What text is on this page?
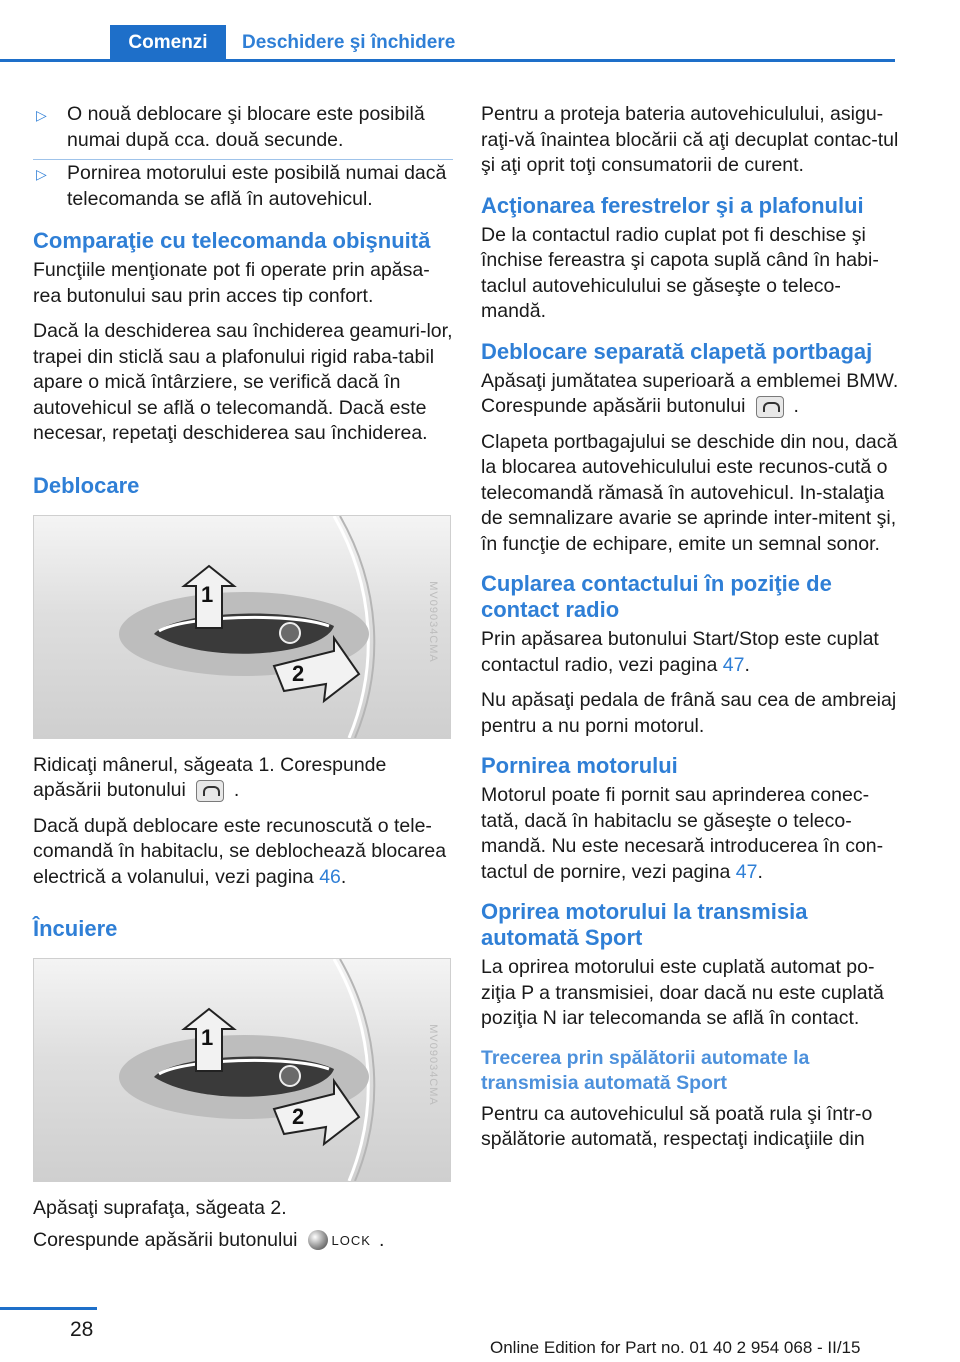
Comenzi	Deschidere şi închidere
▷ O nouă deblocare şi blocare este posibilă numai după cca. două secunde.
▷ Pornirea motorului este posibilă numai dacă telecomanda se află în autovehicul.
Comparaţie cu telecomanda obişnuită

Funcţiile menţionate pot fi operate prin apăsa‐rea butonului sau prin acces tip confort.

Dacă la deschiderea sau închiderea geamuri‐lor, trapei din sticlă sau a plafonului rigid raba‐tabil apare o mică întârziere, se verifică dacă în autovehicul se află o telecomandă. Dacă este necesar, repetaţi deschiderea sau închiderea.

Deblocare
1
2
MV09034CMA

Ridicaţi mânerul, săgeata 1. Corespunde apăsării butonului .

Dacă după deblocare este recunoscută o tele‐comandă în habitaclu, se deblochează blocarea electrică a volanului, vezi pagina 46.

Încuiere
1
2
MV09034CMA

Apăsaţi suprafaţa, săgeata 2.

Corespunde apăsării butonului	LOCK .

Pentru a proteja bateria autovehiculului, asigu‐raţi-vă înaintea blocării că aţi decuplat contac‐tul şi aţi oprit toţi consumatorii de curent.

Acţionarea ferestrelor şi a plafonului

De la contactul radio cuplat pot fi deschise şi închise fereastra şi capota suplă când în habi‐taclul autovehiculului se găseşte o teleco‐mandă.

Deblocare separată clapetă portbagaj

Apăsaţi jumătatea superioară a emblemei BMW. Corespunde apăsării butonului .

Clapeta portbagajului se deschide din nou, dacă la blocarea autovehiculului este recunos‐cută o telecomandă rămasă în autovehicul. In‐stalaţia de semnalizare avarie se aprinde inter‐mitent şi, în funcţie de echipare, emite un semnal sonor.

Cuplarea contactului în poziţie de contact radio

Prin apăsarea butonului Start/Stop este cuplat contactul radio, vezi pagina 47.

Nu apăsaţi pedala de frână sau cea de ambreiaj pentru a nu porni motorul.

Pornirea motorului

Motorul poate fi pornit sau aprinderea conec‐tată, dacă în habitaclu se găseşte o teleco‐mandă. Nu este necesară introducerea în con‐tactul de pornire, vezi pagina 47.

Oprirea motorului la transmisia automată Sport

La oprirea motorului este cuplată automat po‐ziţia P a transmisiei, doar dacă nu este cuplată poziţia N iar telecomanda se află în contact.

Trecerea prin spălătorii automate la transmisia automată Sport

Pentru ca autovehiculul să poată rula şi într-o spălătorie automată, respectaţi indicaţiile din

28
Online Edition for Part no. 01 40 2 954 068 - II/15
